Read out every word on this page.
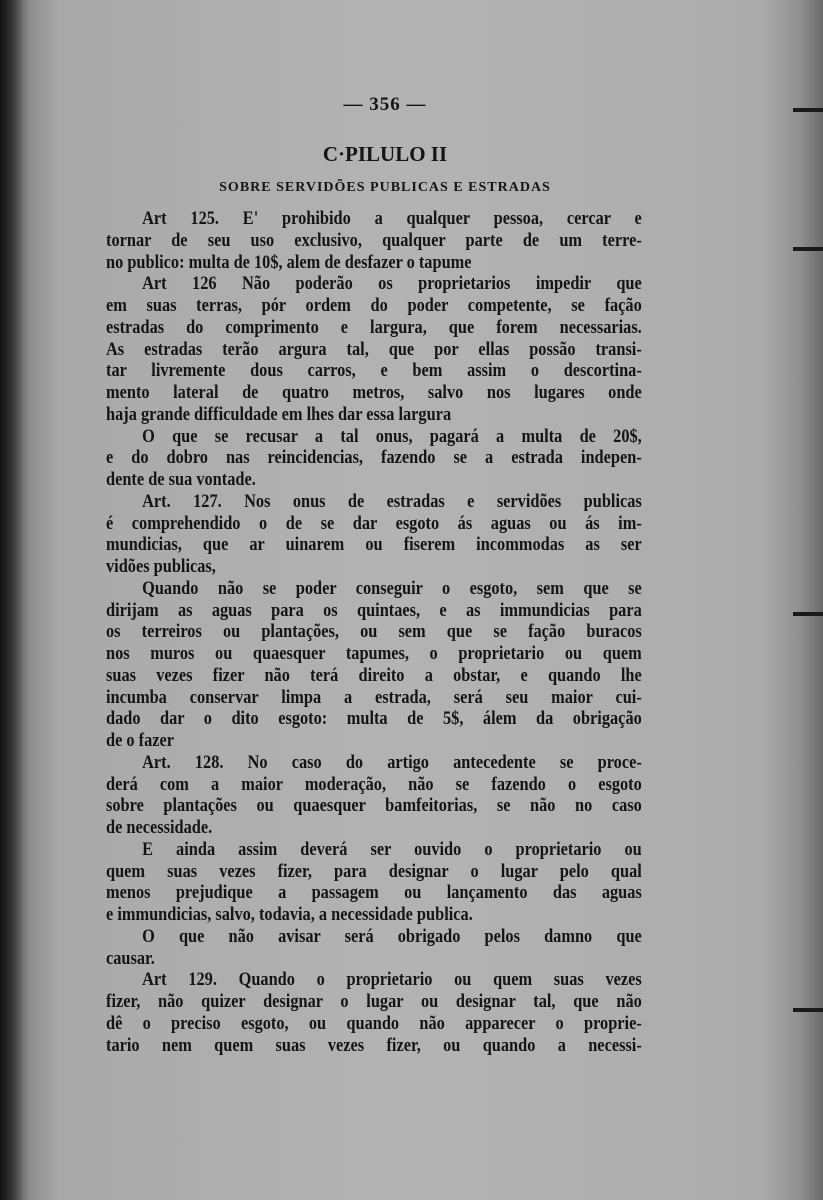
— 356 —
C·PILULO II
SOBRE SERVIDÕES PUBLICAS E ESTRADAS
Art 125. E' prohibido a qualquer pessoa, cercar e
tornar de seu uso exclusivo, qualquer parte de um terre-
no publico: multa de 10$, alem de desfazer o tapume
Art 126 Não poderão os proprietarios impedir que
em suas terras, pór ordem do poder competente, se fação
estradas do comprimento e largura, que forem necessarias.
As estradas terão argura tal, que por ellas possão transi-
tar livremente dous carros, e bem assim o descortina-
mento lateral de quatro metros, salvo nos lugares onde
haja grande difficuldade em lhes dar essa largura
O que se recusar a tal onus, pagará a multa de 20$,
e do dobro nas reincidencias, fazendo se a estrada indepen-
dente de sua vontade.
Art. 127. Nos onus de estradas e servidões publicas
é comprehendido o de se dar esgoto ás aguas ou ás im-
mundicias, que ar uinarem ou fiserem incommodas as ser
vidões publicas,
Quando não se poder conseguir o esgoto, sem que se
dirijam as aguas para os quintaes, e as immundicias para
os terreiros ou plantações, ou sem que se fação buracos
nos muros ou quaesquer tapumes, o proprietario ou quem
suas vezes fizer não terá direito a obstar, e quando lhe
incumba conservar limpa a estrada, será seu maior cui-
dado dar o dito esgoto: multa de 5$, álem da obrigação
de o fazer
Art. 128. No caso do artigo antecedente se proce-
derá com a maior moderação, não se fazendo o esgoto
sobre plantações ou quaesquer bamfeitorias, se não no caso
de necessidade.
E ainda assim deverá ser ouvido o proprietario ou
quem suas vezes fizer, para designar o lugar pelo qual
menos prejudique a passagem ou lançamento das aguas
e immundicias, salvo, todavia, a necessidade publica.
O que não avisar será obrigado pelos damno que
causar.
Art 129. Quando o proprietario ou quem suas vezes
fizer, não quizer designar o lugar ou designar tal, que não
dê o preciso esgoto, ou quando não apparecer o proprie-
tario nem quem suas vezes fizer, ou quando a necessi-
